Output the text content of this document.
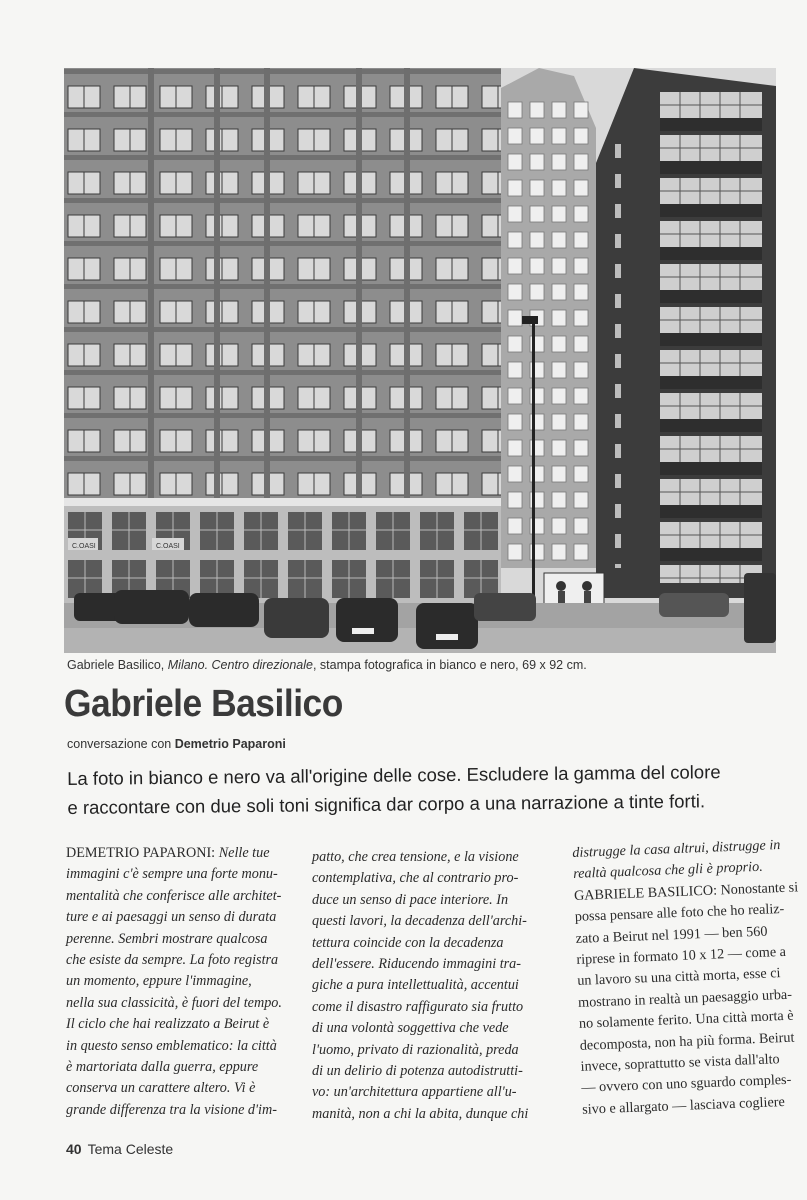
C.OASI	C.OASI
Gabriele Basilico, Milano. Centro direzionale, stampa fotografica in bianco e nero, 69 x 92 cm.
Gabriele Basilico
conversazione con Demetrio Paparoni
La foto in bianco e nero va all'origine delle cose. Escludere la gamma del colore
e raccontare con due soli toni significa dar corpo a una narrazione a tinte forti.
DEMETRIO PAPARONI: Nelle tue
immagini c'è sempre una forte monu-
mentalità che conferisce alle architet-
ture e ai paesaggi un senso di durata
perenne. Sembri mostrare qualcosa
che esiste da sempre. La foto registra
un momento, eppure l'immagine,
nella sua classicità, è fuori del tempo.
Il ciclo che hai realizzato a Beirut è
in questo senso emblematico: la città
è martoriata dalla guerra, eppure
conserva un carattere altero. Vi è
grande differenza tra la visione d'im-
patto, che crea tensione, e la visione
contemplativa, che al contrario pro-
duce un senso di pace interiore. In
questi lavori, la decadenza dell'archi-
tettura coincide con la decadenza
dell'essere. Riducendo immagini tra-
giche a pura intellettualità, accentui
come il disastro raffigurato sia frutto
di una volontà soggettiva che vede
l'uomo, privato di razionalità, preda
di un delirio di potenza autodistrutti-
vo: un'architettura appartiene all'u-
manità, non a chi la abita, dunque chi
distrugge la casa altrui, distrugge in
realtà qualcosa che gli è proprio.
GABRIELE BASILICO: Nonostante si
possa pensare alle foto che ho realiz-
zato a Beirut nel 1991 — ben 560
riprese in formato 10 x 12 — come a
un lavoro su una città morta, esse ci
mostrano in realtà un paesaggio urba-
no solamente ferito. Una città morta è
decomposta, non ha più forma. Beirut
invece, soprattutto se vista dall'alto
— ovvero con uno sguardo comples-
sivo e allargato — lasciava cogliere
40 Tema Celeste
